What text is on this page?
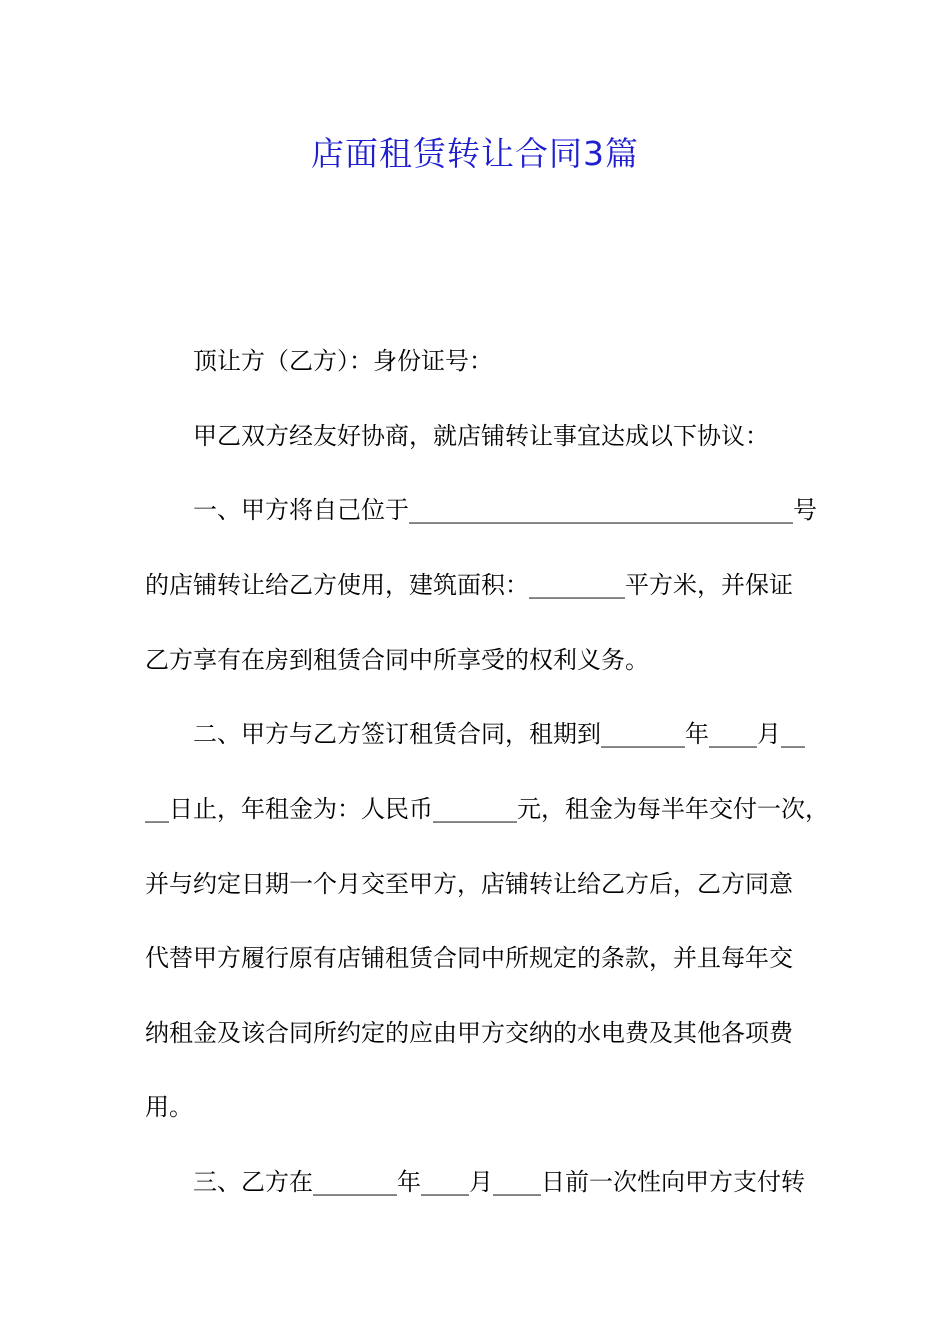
店面租赁转让合同3篇

顶让方（乙方）：身份证号：

甲乙双方经友好协商，就店铺转让事宜达成以下协议：

一、甲方将自己位于________________________________号

的店铺转让给乙方使用，建筑面积：________平方米，并保证

乙方享有在房到租赁合同中所享受的权利义务。

二、甲方与乙方签订租赁合同，租期到_______年____月__

__日止，年租金为：人民币_______元，租金为每半年交付一次，

并与约定日期一个月交至甲方，店铺转让给乙方后，乙方同意

代替甲方履行原有店铺租赁合同中所规定的条款，并且每年交

纳租金及该合同所约定的应由甲方交纳的水电费及其他各项费

用。

三、乙方在_______年____月____日前一次性向甲方支付转
